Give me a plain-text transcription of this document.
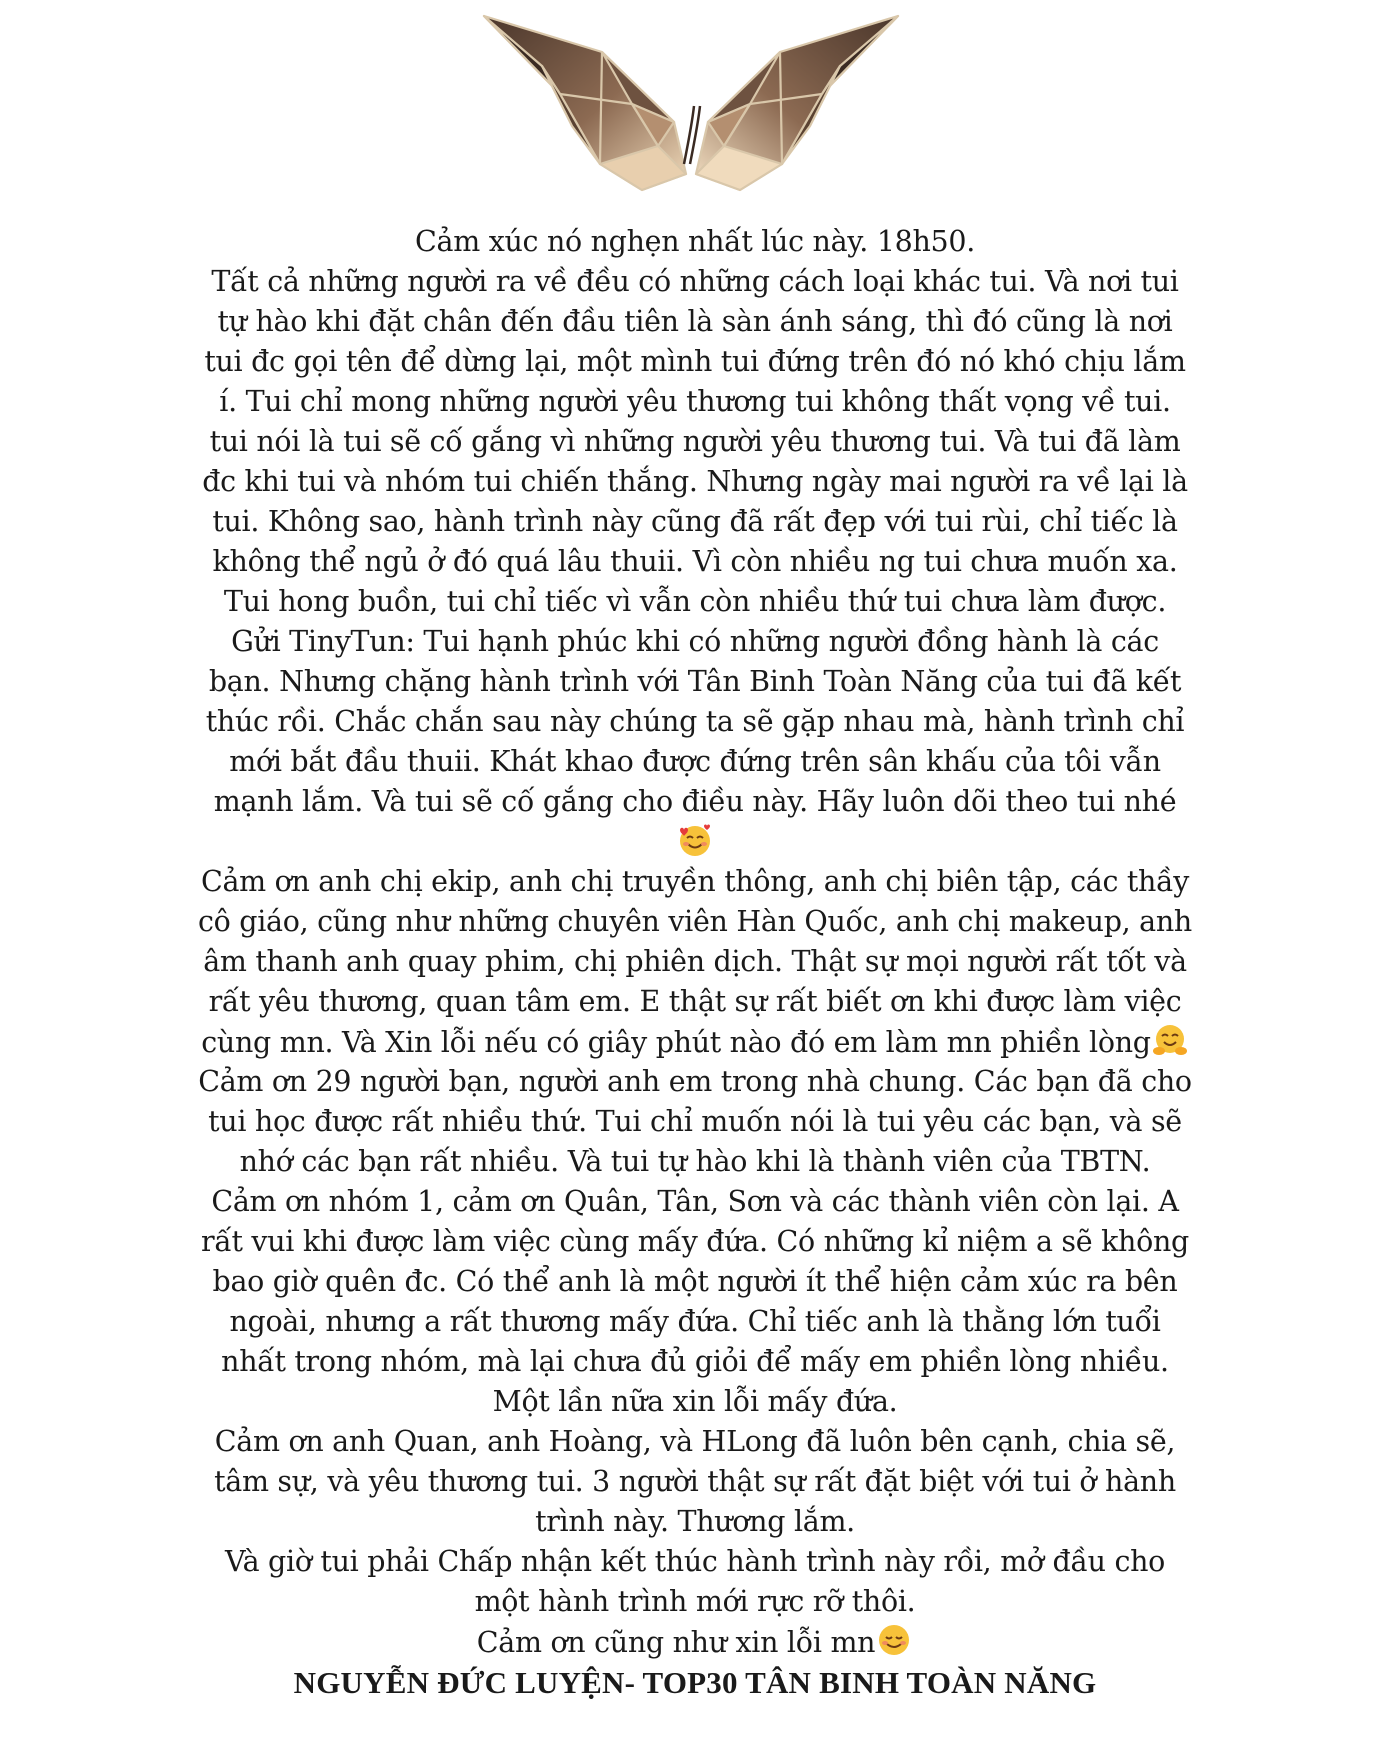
Cảm xúc nó nghẹn nhất lúc này. 18h50.
Tất cả những người ra về đều có những cách loại khác tui. Và nơi tui
tự hào khi đặt chân đến đầu tiên là sàn ánh sáng, thì đó cũng là nơi
tui đc gọi tên để dừng lại, một mình tui đứng trên đó nó khó chịu lắm
í. Tui chỉ mong những người yêu thương tui không thất vọng về tui.
tui nói là tui sẽ cố gắng vì những người yêu thương tui. Và tui đã làm
đc khi tui và nhóm tui chiến thắng. Nhưng ngày mai người ra về lại là
tui. Không sao, hành trình này cũng đã rất đẹp với tui rùi, chỉ tiếc là
không thể ngủ ở đó quá lâu thuii. Vì còn nhiều ng tui chưa muốn xa.
Tui hong buồn, tui chỉ tiếc vì vẫn còn nhiều thứ tui chưa làm được.
Gửi TinyTun: Tui hạnh phúc khi có những người đồng hành là các
bạn. Nhưng chặng hành trình với Tân Binh Toàn Năng của tui đã kết
thúc rồi. Chắc chắn sau này chúng ta sẽ gặp nhau mà, hành trình chỉ
mới bắt đầu thuii. Khát khao được đứng trên sân khấu của tôi vẫn
mạnh lắm. Và tui sẽ cố gắng cho điều này. Hãy luôn dõi theo tui nhé
Cảm ơn anh chị ekip, anh chị truyền thông, anh chị biên tập, các thầy
cô giáo, cũng như những chuyên viên Hàn Quốc, anh chị makeup, anh
âm thanh anh quay phim, chị phiên dịch. Thật sự mọi người rất tốt và
rất yêu thương, quan tâm em. E thật sự rất biết ơn khi được làm việc
cùng mn. Và Xin lỗi nếu có giây phút nào đó em làm mn phiền lòng
Cảm ơn 29 người bạn, người anh em trong nhà chung. Các bạn đã cho
tui học được rất nhiều thứ. Tui chỉ muốn nói là tui yêu các bạn, và sẽ
nhớ các bạn rất nhiều. Và tui tự hào khi là thành viên của TBTN.
Cảm ơn nhóm 1, cảm ơn Quân, Tân, Sơn và các thành viên còn lại. A
rất vui khi được làm việc cùng mấy đứa. Có những kỉ niệm a sẽ không
bao giờ quên đc. Có thể anh là một người ít thể hiện cảm xúc ra bên
ngoài, nhưng a rất thương mấy đứa. Chỉ tiếc anh là thằng lớn tuổi
nhất trong nhóm, mà lại chưa đủ giỏi để mấy em phiền lòng nhiều.
Một lần nữa xin lỗi mấy đứa.
Cảm ơn anh Quan, anh Hoàng, và HLong đã luôn bên cạnh, chia sẽ,
tâm sự, và yêu thương tui. 3 người thật sự rất đặt biệt với tui ở hành
trình này. Thương lắm.
Và giờ tui phải Chấp nhận kết thúc hành trình này rồi, mở đầu cho
một hành trình mới rực rỡ thôi.
Cảm ơn cũng như xin lỗi mn
NGUYỄN ĐỨC LUYỆN- TOP30 TÂN BINH TOÀN NĂNG
